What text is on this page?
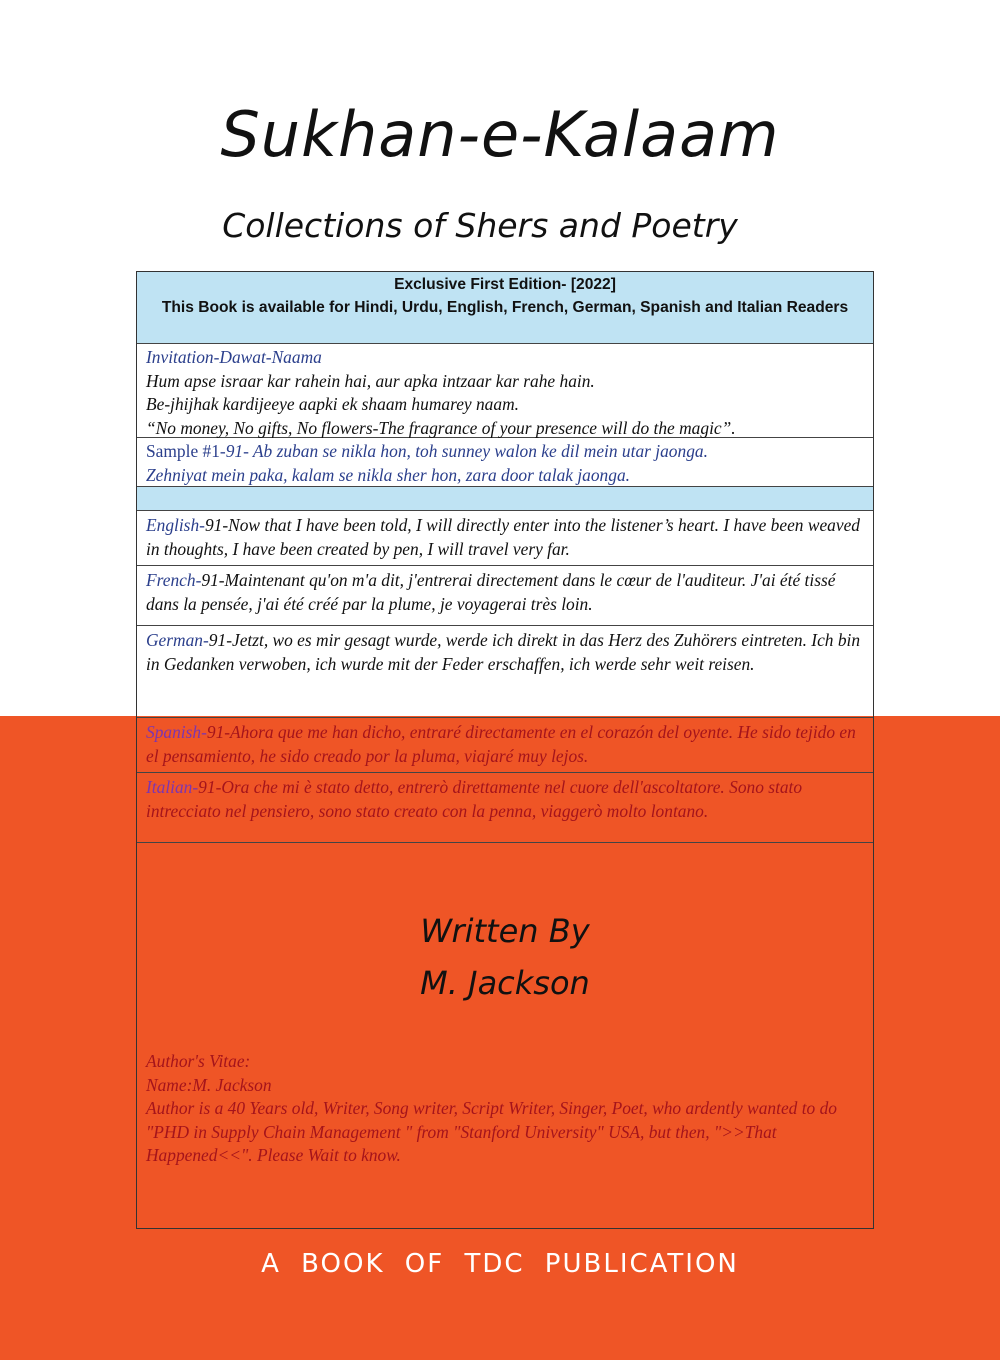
Sukhan-e-Kalaam
Collections of Shers and Poetry
Exclusive First Edition- [2022]
This Book is available for Hindi, Urdu, English, French, German, Spanish and Italian Readers
Invitation-Dawat-Naama
Hum apse israar kar rahein hai, aur apka intzaar kar rahe hain.
Be-jhijhak kardijeeye aapki ek shaam humarey naam.
“No money, No gifts, No flowers-The fragrance of your presence will do the magic”.
Sample #1-91- Ab zuban se nikla hon, toh sunney walon ke dil mein utar jaonga.
Zehniyat mein paka, kalam se nikla sher hon, zara door talak jaonga.
English-91-Now that I have been told, I will directly enter into the listener’s heart. I have been weaved in thoughts, I have been created by pen, I will travel very far.
French-91-Maintenant qu'on m'a dit, j'entrerai directement dans le cœur de l'auditeur. J'ai été tissé dans la pensée, j'ai été créé par la plume, je voyagerai très loin.
German-91-Jetzt, wo es mir gesagt wurde, werde ich direkt in das Herz des Zuhörers eintreten. Ich bin in Gedanken verwoben, ich wurde mit der Feder erschaffen, ich werde sehr weit reisen.
Spanish-91-Ahora que me han dicho, entraré directamente en el corazón del oyente. He sido tejido en el pensamiento, he sido creado por la pluma, viajaré muy lejos.
Italian-91-Ora che mi è stato detto, entrerò direttamente nel cuore dell'ascoltatore. Sono stato intrecciato nel pensiero, sono stato creato con la penna, viaggerò molto lontano.
Written By
M. Jackson
Author's Vitae:
Name:M. Jackson
Author is a 40 Years old, Writer, Song writer, Script Writer, Singer, Poet, who ardently wanted to do "PHD in Supply Chain Management " from "Stanford University" USA, but then, ">>That Happened<<". Please Wait to know.
A BOOK OF TDC PUBLICATION
